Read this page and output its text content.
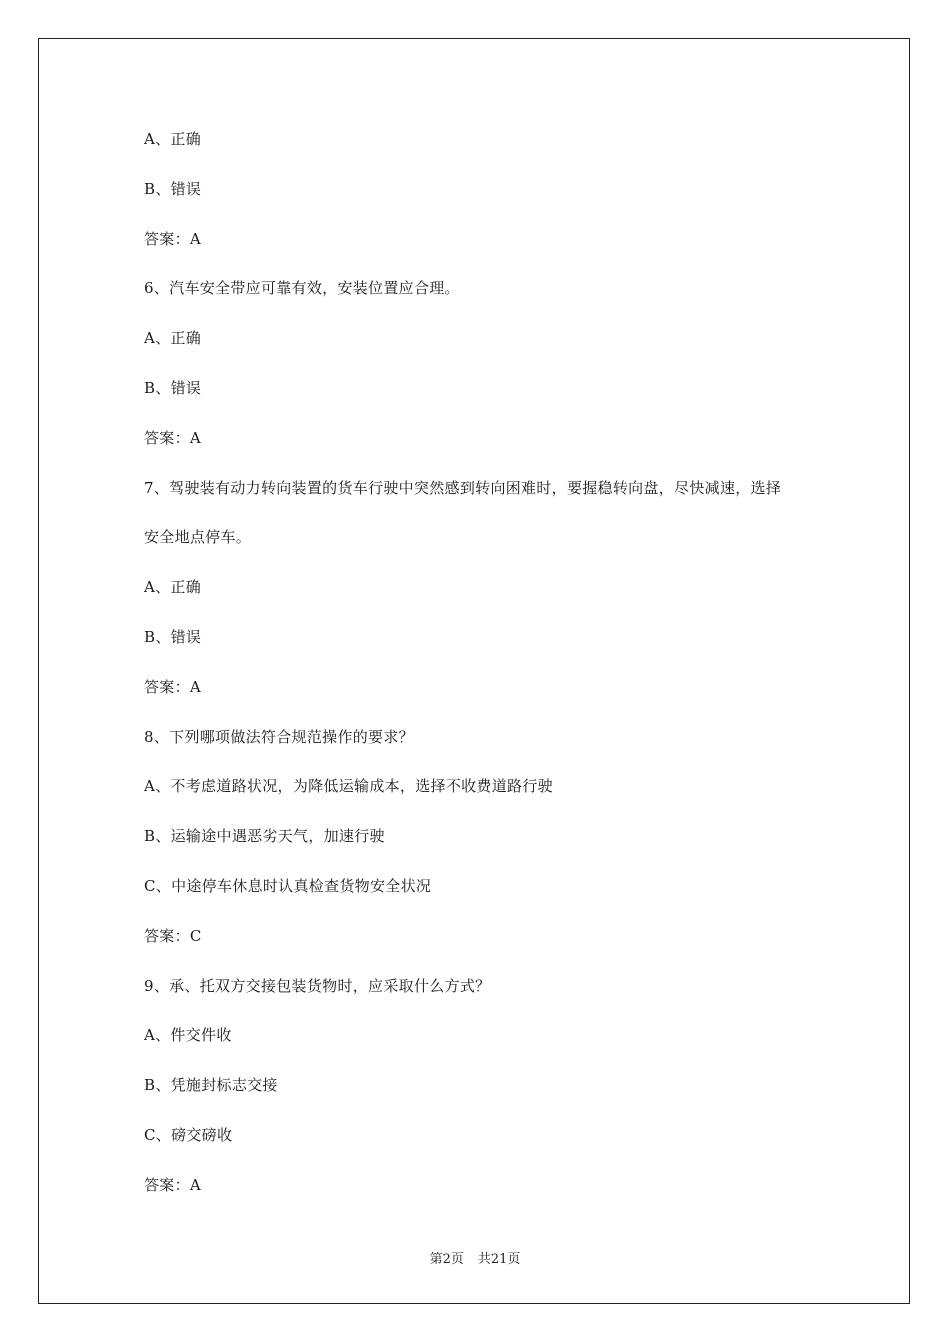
A、正确
B、错误
答案：A
6、汽车安全带应可靠有效，安装位置应合理。
A、正确
B、错误
答案：A
7、驾驶装有动力转向装置的货车行驶中突然感到转向困难时，要握稳转向盘，尽快减速，选择
安全地点停车。
A、正确
B、错误
答案：A
8、下列哪项做法符合规范操作的要求？
A、不考虑道路状况，为降低运输成本，选择不收费道路行驶
B、运输途中遇恶劣天气，加速行驶
C、中途停车休息时认真检查货物安全状况
答案：C
9、承、托双方交接包装货物时，应采取什么方式？
A、件交件收
B、凭施封标志交接
C、磅交磅收
答案：A
第2页 共21页
